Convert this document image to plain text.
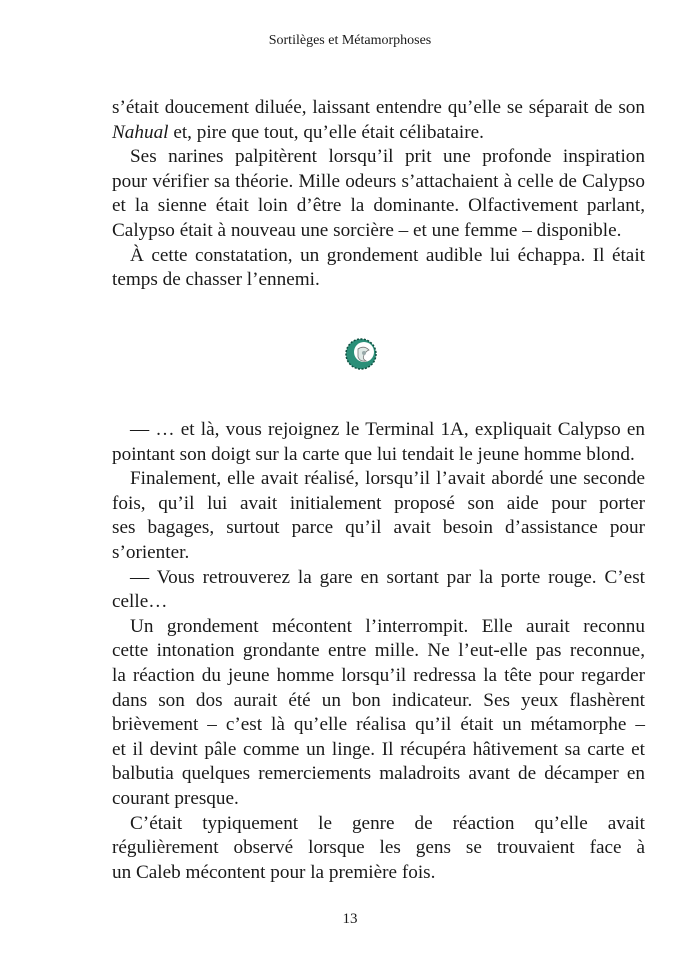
Sortilèges et Métamorphoses
s’était doucement diluée, laissant entendre qu’elle se séparait de son
Nahual et, pire que tout, qu’elle était célibataire.
Ses narines palpitèrent lorsqu’il prit une profonde inspiration
pour vérifier sa théorie. Mille odeurs s’attachaient à celle de Calypso
et la sienne était loin d’être la dominante. Olfactivement parlant,
Calypso était à nouveau une sorcière – et une femme – disponible.
À cette constatation, un grondement audible lui échappa. Il était
temps de chasser l’ennemi.
— … et là, vous rejoignez le Terminal 1A, expliquait Calypso en
pointant son doigt sur la carte que lui tendait le jeune homme blond.
Finalement, elle avait réalisé, lorsqu’il l’avait abordé une seconde
fois, qu’il lui avait initialement proposé son aide pour porter
ses bagages, surtout parce qu’il avait besoin d’assistance pour
s’orienter.
— Vous retrouverez la gare en sortant par la porte rouge. C’est
celle…
Un grondement mécontent l’interrompit. Elle aurait reconnu
cette intonation grondante entre mille. Ne l’eut-elle pas reconnue,
la réaction du jeune homme lorsqu’il redressa la tête pour regarder
dans son dos aurait été un bon indicateur. Ses yeux flashèrent
brièvement – c’est là qu’elle réalisa qu’il était un métamorphe –
et il devint pâle comme un linge. Il récupéra hâtivement sa carte et
balbutia quelques remerciements maladroits avant de décamper en
courant presque.
C’était typiquement le genre de réaction qu’elle avait
régulièrement observé lorsque les gens se trouvaient face à
un Caleb mécontent pour la première fois.
13
